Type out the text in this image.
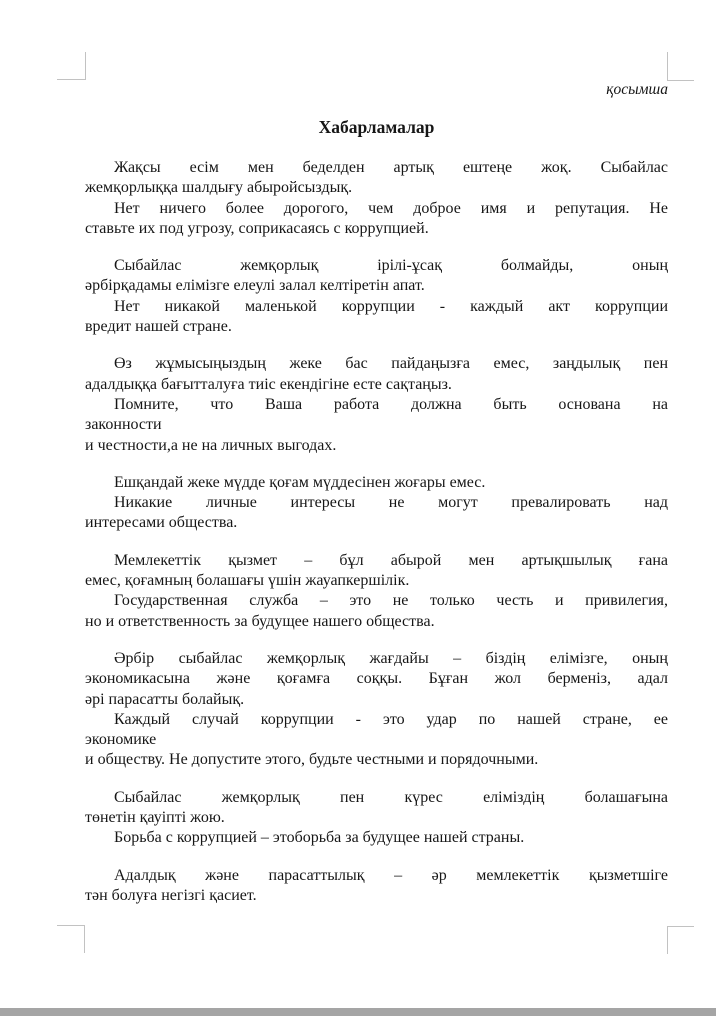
қосымша
Хабарламалар
Жақсы есім мен беделден артық ештеңе жоқ. Сыбайлас
жемқорлыққа шалдығу абыройсыздық.
Нет ничего более дорогого, чем доброе имя и репутация. Не
ставьте их под угрозу, соприкасаясь с коррупцией.
Сыбайлас жемқорлық ірілі-ұсақ болмайды, оның
әрбірқадамы елімізге елеулі залал келтіретін апат.
Нет никакой маленькой коррупции - каждый акт коррупции
вредит нашей стране.
Өз жұмысыңыздың жеке бас пайдаңызға емес, заңдылық пен
адалдыққа бағытталуға тиіс екендігіне есте сақтаңыз.
Помните, что Ваша работа должна быть основана на
законности
и честности,а не на личных выгодах.
Ешқандай жеке мүдде қоғам мүддесінен жоғары емес.
Никакие личные интересы не могут превалировать над
интересами общества.
Мемлекеттік қызмет – бұл абырой мен артықшылық ғана
емес, қоғамның болашағы үшін жауапкершілік.
Государственная служба – это не только честь и привилегия,
но и ответственность за будущее нашего общества.
Әрбір сыбайлас жемқорлық жағдайы – біздің елімізге, оның
экономикасына және қоғамға соққы. Бұған жол берменіз, адал
әрі парасатты болайық.
Каждый случай коррупции - это удар по нашей стране, ее
экономике
и обществу. Не допустите этого, будьте честными и порядочными.
Сыбайлас жемқорлық пен күрес еліміздің болашағына
төнетін қауіпті жою.
Борьба с коррупцией – этоборьба за будущее нашей страны.
Адалдық және парасаттылық – әр мемлекеттік қызметшіге
тән болуға негізгі қасиет.
